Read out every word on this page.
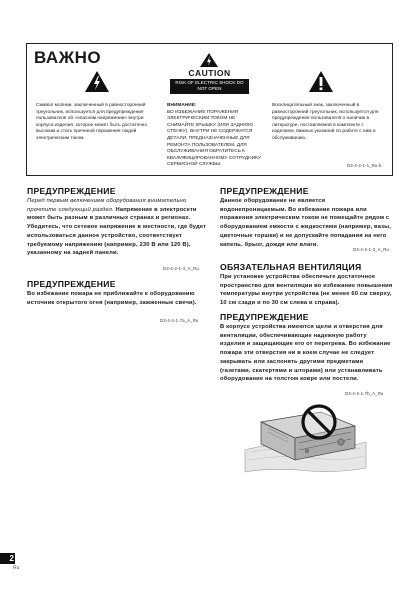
ВАЖНО
CAUTION
RISK OF ELECTRIC SHOCK DO NOT OPEN
Символ молнии, заключенный в равносторонний треугольник, используется для предупреждения пользователя об «опасном напряжении» внутри корпуса изделия, которое может быть достаточно высоким и стать причиной поражения людей электрическим током.
ВНИМАНИЕ:
ВО ИЗБЕЖАНИЕ ПОРАЖЕНИЯ ЭЛЕКТРИЧЕСКИМ ТОКОМ НЕ СНИМАЙТЕ КРЫШКУ (ИЛИ ЗАДНЮЮ СТЕНКУ). ВНУТРИ НЕ СОДЕРЖАТСЯ ДЕТАЛИ, ПРЕДНАЗНАЧЕННЫЕ ДЛЯ РЕМОНТА ПОЛЬЗОВАТЕЛЕМ. ДЛЯ ОБСЛУЖИВАНИЯ ОБРАТИТЕСЬ К КВАЛИФИЦИРОВАННОМУ СОТРУДНИКУ СЕРВИСНОЙ СЛУЖБЫ.
Восклицательный знак, заключенный в равносторонний треугольник, используется для предупреждения пользователя о наличии в литературе, поставляемой в комплекте с изделием, важных указаний по работе с ним и обслуживанию.
D3-4-2-1-1_Ru-b
ПРЕДУПРЕЖДЕНИЕ
Перед первым включением оборудования внимательно прочтите следующий раздел. Напряжение в электросети может быть разным в различных странах и регионах. Убедитесь, что сетевое напряжение в местности, где будет использоваться данное устройство, соответствует требуемому напряжению (например, 230 В или 120 В), указанному на задней панели.
D3-4-2-1-4_A_Ru
ПРЕДУПРЕЖДЕНИЕ
Во избежание пожара не приближайте к оборудованию источник открытого огня (например, зажженные свечи).
D3-4-2-1-7a_A_Ru
ПРЕДУПРЕЖДЕНИЕ
Данное оборудование не является водонепроницаемым. Во избежание пожара или поражения электрическим током не помещайте рядом с оборудованием емкости с жидкостями (например, вазы, цветочные горшки) и не допускайте попадания на него капель, брызг, дождя или влаги.
D3-4-2-1-3_A_Ru
ОБЯЗАТЕЛЬНАЯ ВЕНТИЛЯЦИЯ
При установке устройства обеспечьте достаточное пространство для вентиляции во избежание повышения температуры внутри устройства (не менее 60 см сверху, 10 см сзади и по 30 см слева и справа).
ПРЕДУПРЕЖДЕНИЕ
В корпусе устройства имеются щели и отверстия для вентиляции, обеспечивающие надежную работу изделия и защищающие его от перегрева. Во избежание пожара эти отверстия ни в коем случае не следует закрывать или заслонять другими предметами (газетами, скатертями и шторами) или устанавливать оборудование на толстом ковре или постели.
D3-4-2-1-7b_A_Ru
2
Ru
